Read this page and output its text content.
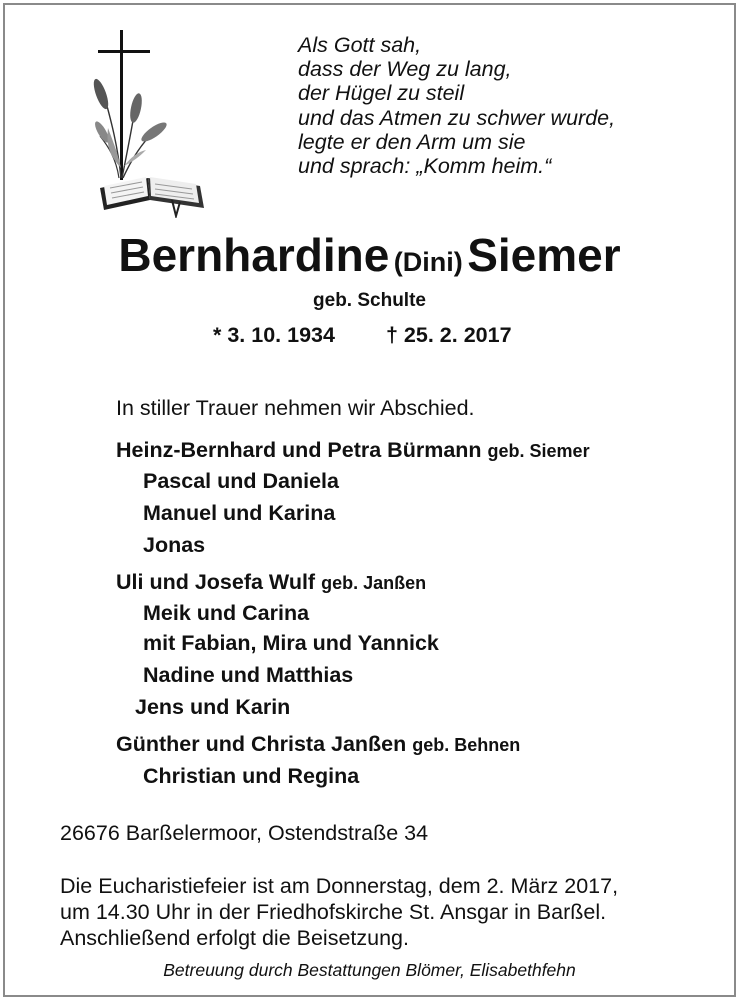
Als Gott sah,
dass der Weg zu lang,
der Hügel zu steil
und das Atmen zu schwer wurde,
legte er den Arm um sie
und sprach: „Komm heim.“
Bernhardine (Dini) Siemer
geb. Schulte
* 3. 10. 1934 † 25. 2. 2017
In stiller Trauer nehmen wir Abschied.
Heinz-Bernhard und Petra Bürmann geb. Siemer
Pascal und Daniela
Manuel und Karina
Jonas
Uli und Josefa Wulf geb. Janßen
Meik und Carina
mit Fabian, Mira und Yannick
Nadine und Matthias
Jens und Karin
Günther und Christa Janßen geb. Behnen
Christian und Regina
26676 Barßelermoor, Ostendstraße 34
Die Eucharistiefeier ist am Donnerstag, dem 2. März 2017,
um 14.30 Uhr in der Friedhofskirche St. Ansgar in Barßel.
Anschließend erfolgt die Beisetzung.
Betreuung durch Bestattungen Blömer, Elisabethfehn
